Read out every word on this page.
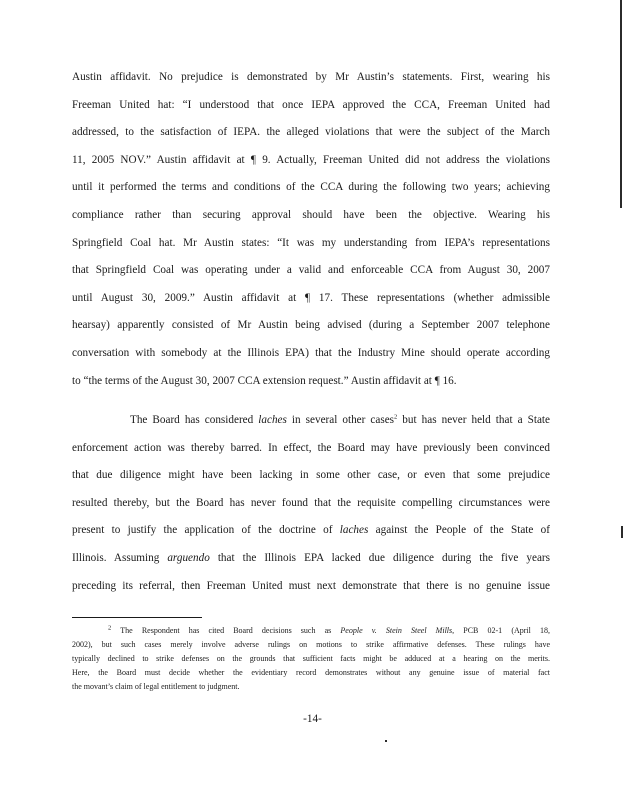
Austin affidavit. No prejudice is demonstrated by Mr Austin’s statements. First, wearing his
Freeman United hat: “I understood that once IEPA approved the CCA, Freeman United had
addressed, to the satisfaction of IEPA. the alleged violations that were the subject of the March
11, 2005 NOV.” Austin affidavit at ¶ 9. Actually, Freeman United did not address the violations
until it performed the terms and conditions of the CCA during the following two years; achieving
compliance rather than securing approval should have been the objective. Wearing his
Springfield Coal hat. Mr Austin states: “It was my understanding from IEPA’s representations
that Springfield Coal was operating under a valid and enforceable CCA from August 30, 2007
until August 30, 2009.” Austin affidavit at ¶ 17. These representations (whether admissible
hearsay) apparently consisted of Mr Austin being advised (during a September 2007 telephone
conversation with somebody at the Illinois EPA) that the Industry Mine should operate according
to “the terms of the August 30, 2007 CCA extension request.” Austin affidavit at ¶ 16.
The Board has considered laches in several other cases$^2$ but has never held that a State
enforcement action was thereby barred. In effect, the Board may have previously been convinced
that due diligence might have been lacking in some other case, or even that some prejudice
resulted thereby, but the Board has never found that the requisite compelling circumstances were
present to justify the application of the doctrine of laches against the People of the State of
Illinois. Assuming arguendo that the Illinois EPA lacked due diligence during the five years
preceding its referral, then Freeman United must next demonstrate that there is no genuine issue
$^2$ The Respondent has cited Board decisions such as People v. Stein Steel Mills, PCB 02-1 (April 18,
2002), but such cases merely involve adverse rulings on motions to strike affirmative defenses. These rulings have
typically declined to strike defenses on the grounds that sufficient facts might be adduced at a hearing on the merits.
Here, the Board must decide whether the evidentiary record demonstrates without any genuine issue of material fact
the movant’s claim of legal entitlement to judgment.
-14-
